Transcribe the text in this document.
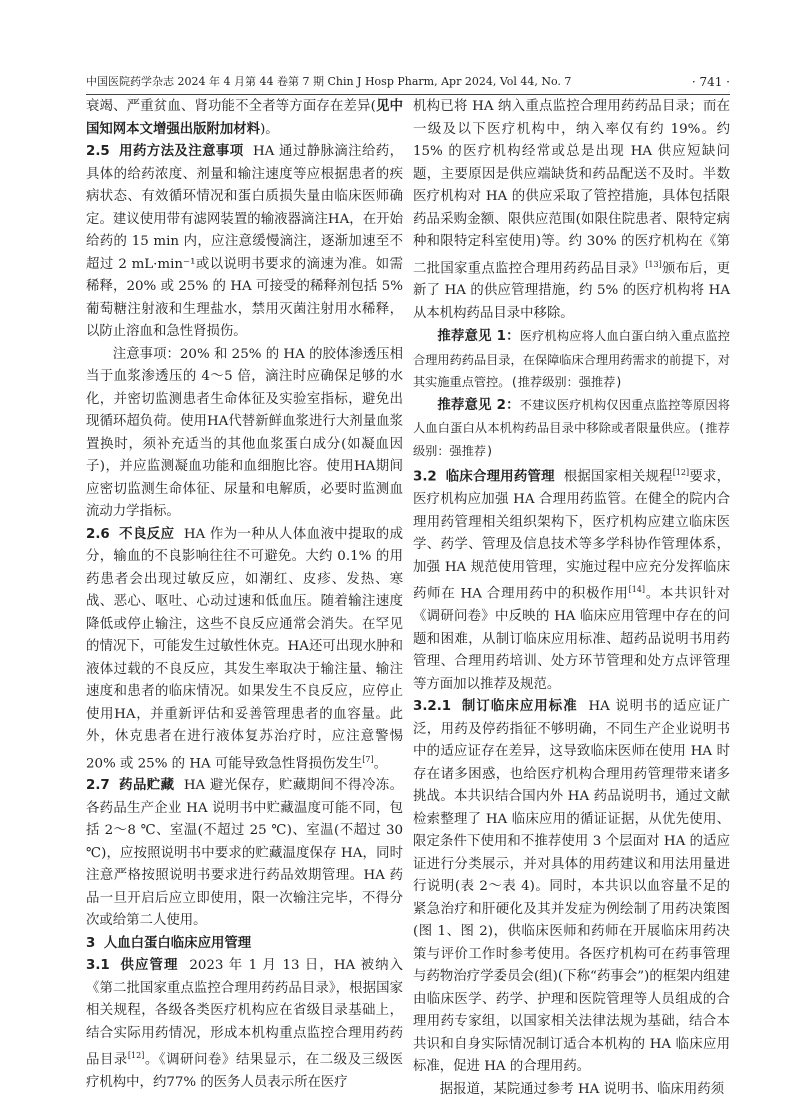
中国医院药学杂志 2024 年 4 月第 44 卷第 7 期 Chin J Hosp Pharm, Apr 2024, Vol 44, No. 7	· 741 ·

衰竭、严重贫血、肾功能不全者等方面存在差异(见中国知网本文增强出版附加材料)。

2.5 用药方法及注意事项 HA 通过静脉滴注给药，具体的给药浓度、剂量和输注速度等应根据患者的疾病状态、有效循环情况和蛋白质损失量由临床医师确定。建议使用带有滤网装置的输液器滴注HA，在开始给药的 15 min 内，应注意缓慢滴注，逐渐加速至不超过 2 mL·min⁻¹或以说明书要求的滴速为准。如需稀释，20% 或 25% 的 HA 可接受的稀释剂包括 5% 葡萄糖注射液和生理盐水，禁用灭菌注射用水稀释，以防止溶血和急性肾损伤。

注意事项：20% 和 25% 的 HA 的胶体渗透压相当于血浆渗透压的 4～5 倍，滴注时应确保足够的水化，并密切监测患者生命体征及实验室指标，避免出现循环超负荷。使用HA代替新鲜血浆进行大剂量血浆置换时，须补充适当的其他血浆蛋白成分(如凝血因子)，并应监测凝血功能和血细胞比容。使用HA期间应密切监测生命体征、尿量和电解质，必要时监测血流动力学指标。

2.6 不良反应 HA 作为一种从人体血液中提取的成分，输血的不良影响往往不可避免。大约 0.1% 的用药患者会出现过敏反应，如潮红、皮疹、发热、寒战、恶心、呕吐、心动过速和低血压。随着输注速度降低或停止输注，这些不良反应通常会消失。在罕见的情况下，可能发生过敏性休克。HA还可出现水肿和液体过载的不良反应，其发生率取决于输注量、输注速度和患者的临床情况。如果发生不良反应，应停止使用HA，并重新评估和妥善管理患者的血容量。此外，休克患者在进行液体复苏治疗时，应注意警惕 20% 或 25% 的 HA 可能导致急性肾损伤发生[7]。

2.7 药品贮藏 HA 避光保存，贮藏期间不得冷冻。各药品生产企业 HA 说明书中贮藏温度可能不同，包括 2～8 ℃、室温(不超过 25 ℃)、室温(不超过 30 ℃)，应按照说明书中要求的贮藏温度保存 HA，同时注意严格按照说明书要求进行药品效期管理。HA 药品一旦开启后应立即使用，限一次输注完毕，不得分次或给第二人使用。

3 人血白蛋白临床应用管理

3.1 供应管理 2023 年 1 月 13 日，HA 被纳入《第二批国家重点监控合理用药药品目录》，根据国家相关规程，各级各类医疗机构应在省级目录基础上，结合实际用药情况，形成本机构重点监控合理用药药品目录[12]。《调研问卷》结果显示，在二级及三级医疗机构中，约77% 的医务人员表示所在医疗

机构已将 HA 纳入重点监控合理用药药品目录；而在一级及以下医疗机构中，纳入率仅有约 19%。约 15% 的医疗机构经常或总是出现 HA 供应短缺问题，主要原因是供应端缺货和药品配送不及时。半数医疗机构对 HA 的供应采取了管控措施，具体包括限药品采购金额、限供应范围(如限住院患者、限特定病种和限特定科室使用)等。约 30% 的医疗机构在《第二批国家重点监控合理用药药品目录》[13]颁布后，更新了 HA 的供应管理措施，约 5% 的医疗机构将 HA 从本机构药品目录中移除。

推荐意见 1：医疗机构应将人血白蛋白纳入重点监控合理用药药品目录，在保障临床合理用药需求的前提下，对其实施重点管控。(推荐级别：强推荐)

推荐意见 2：不建议医疗机构仅因重点监控等原因将人血白蛋白从本机构药品目录中移除或者限量供应。(推荐级别：强推荐)

3.2 临床合理用药管理 根据国家相关规程[12]要求，医疗机构应加强 HA 合理用药监管。在健全的院内合理用药管理相关组织架构下，医疗机构应建立临床医学、药学、管理及信息技术等多学科协作管理体系，加强 HA 规范使用管理，实施过程中应充分发挥临床药师在 HA 合理用药中的积极作用[14]。本共识针对《调研问卷》中反映的 HA 临床应用管理中存在的问题和困难，从制订临床应用标准、超药品说明书用药管理、合理用药培训、处方环节管理和处方点评管理等方面加以推荐及规范。

3.2.1 制订临床应用标准 HA 说明书的适应证广泛，用药及停药指征不够明确，不同生产企业说明书中的适应证存在差异，这导致临床医师在使用 HA 时存在诸多困惑，也给医疗机构合理用药管理带来诸多挑战。本共识结合国内外 HA 药品说明书，通过文献检索整理了 HA 临床应用的循证证据，从优先使用、限定条件下使用和不推荐使用 3 个层面对 HA 的适应证进行分类展示，并对具体的用药建议和用法用量进行说明(表 2～表 4)。同时，本共识以血容量不足的紧急治疗和肝硬化及其并发症为例绘制了用药决策图(图 1、图 2)，供临床医师和药师在开展临床用药决策与评价工作时参考使用。各医疗机构可在药事管理与药物治疗学委员会(组)(下称“药事会”)的框架内组建由临床医学、药学、护理和医院管理等人员组成的合理用药专家组，以国家相关法律法规为基础，结合本共识和自身实际情况制订适合本机构的 HA 临床应用标准，促进 HA 的合理用药。

据报道，某院通过参考 HA 说明书、临床用药须
